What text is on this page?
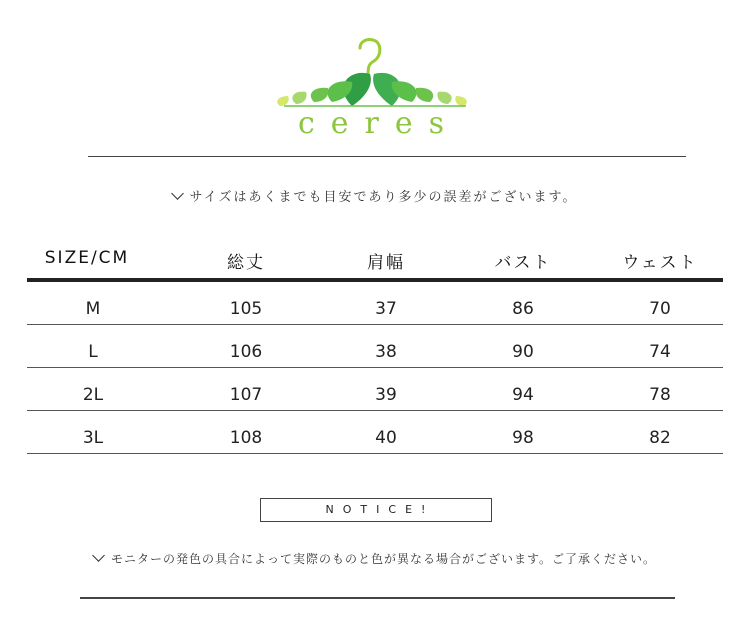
ceres
サイズはあくまでも目安であり多少の誤差がございます。
SIZE/CM	総丈	肩幅	バスト	ウェスト
M	105	37	86	70
L	106	38	90	74
2L	107	39	94	78
3L	108	40	98	82
NOTICE!
モニターの発色の具合によって実際のものと色が異なる場合がございます。ご了承ください。
